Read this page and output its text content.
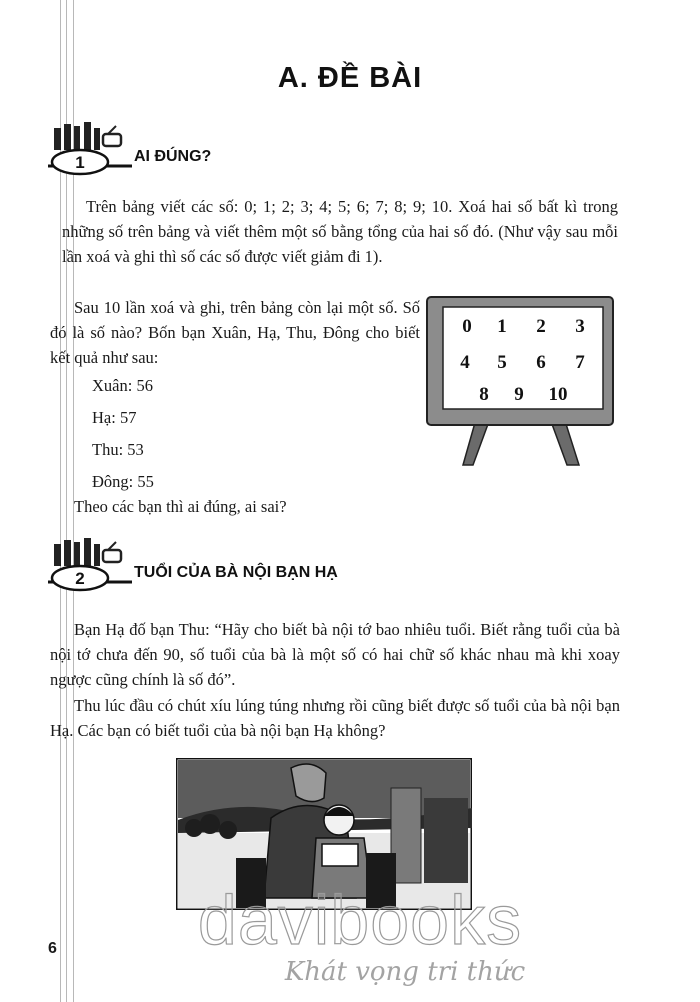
A. ĐỀ BÀI
1	AI ĐÚNG?

Trên bảng viết các số: 0; 1; 2; 3; 4; 5; 6; 7; 8; 9; 10. Xoá hai số bất kì trong những số trên bảng và viết thêm một số bằng tổng của hai số đó. (Như vậy sau mỗi lần xoá và ghi thì số các số được viết giảm đi 1).

Sau 10 lần xoá và ghi, trên bảng còn lại một số. Số đó là số nào? Bốn bạn Xuân, Hạ, Thu, Đông cho biết kết quả như sau:

Xuân: 56
Hạ: 57
Thu: 53
Đông: 55

Theo các bạn thì ai đúng, ai sai?

0 1 2 3
4 5 6 7
8 9 10
2	TUỔI CỦA BÀ NỘI BẠN HẠ

Bạn Hạ đố bạn Thu: “Hãy cho biết bà nội tớ bao nhiêu tuổi. Biết rằng tuổi của bà nội tớ chưa đến 90, số tuổi của bà là một số có hai chữ số khác nhau mà khi xoay ngược cũng chính là số đó”.

Thu lúc đầu có chút xíu lúng túng nhưng rồi cũng biết được số tuổi của bà nội bạn Hạ. Các bạn có biết tuổi của bà nội bạn Hạ không?

6	davibooks
Khát vọng tri thức
